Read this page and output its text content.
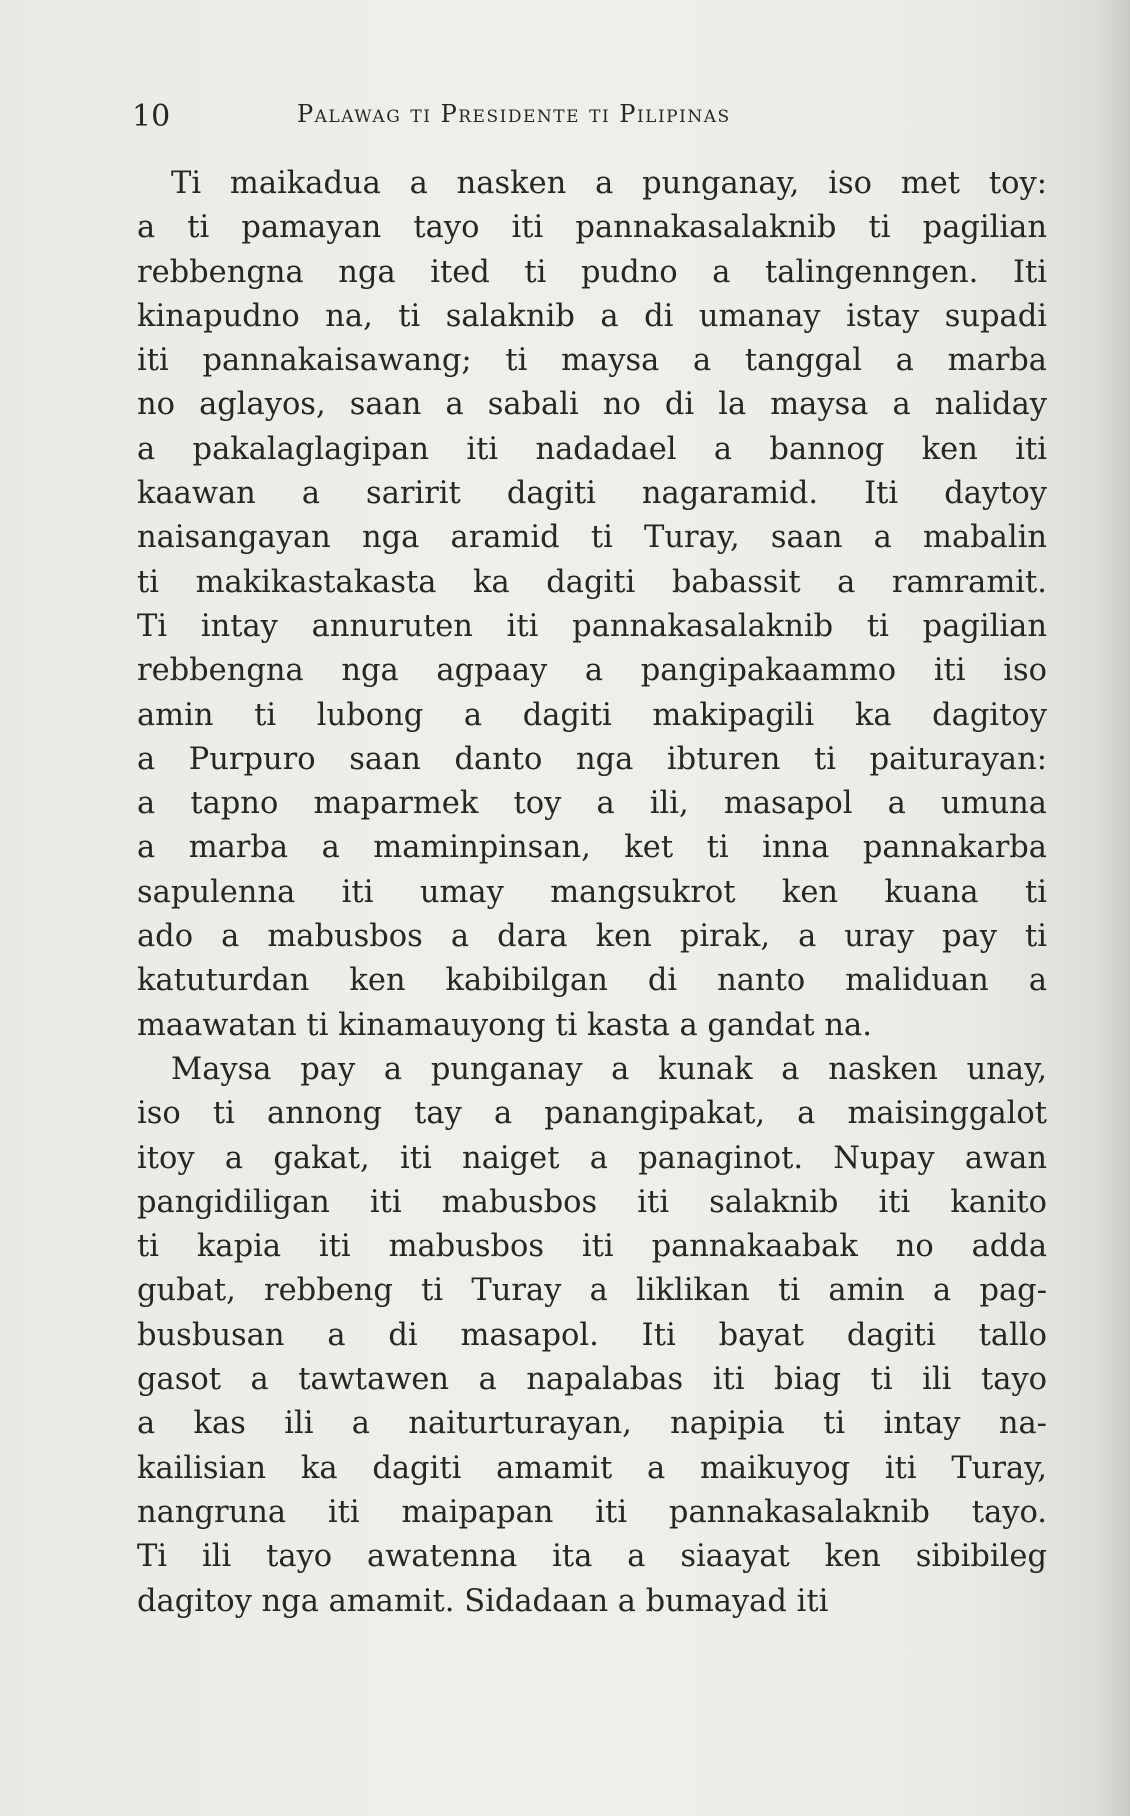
10	Palawag ti Presidente ti Pilipinas
Ti maikadua a nasken a punganay, iso met toy:
a ti pamayan tayo iti pannakasalaknib ti pagilian
rebbengna nga ited ti pudno a talingenngen. Iti
kinapudno na, ti salaknib a di umanay istay supadi
iti pannakaisawang; ti maysa a tanggal a marba
no aglayos, saan a sabali no di la maysa a naliday
a pakalaglagipan iti nadadael a bannog ken iti
kaawan a saririt dagiti nagaramid. Iti daytoy
naisangayan nga aramid ti Turay, saan a mabalin
ti makikastakasta ka dagiti babassit a ramramit.
Ti intay annuruten iti pannakasalaknib ti pagilian
rebbengna nga agpaay a pangipakaammo iti iso
amin ti lubong a dagiti makipagili ka dagitoy
a Purpuro saan danto nga ibturen ti paiturayan:
a tapno maparmek toy a ili, masapol a umuna
a marba a maminpinsan, ket ti inna pannakarba
sapulenna iti umay mangsukrot ken kuana ti
ado a mabusbos a dara ken pirak, a uray pay ti
katuturdan ken kabibilgan di nanto maliduan a
maawatan ti kinamauyong ti kasta a gandat na.
Maysa pay a punganay a kunak a nasken unay,
iso ti annong tay a panangipakat, a maisinggalot
itoy a gakat, iti naiget a panaginot. Nupay awan
pangidiligan iti mabusbos iti salaknib iti kanito
ti kapia iti mabusbos iti pannakaabak no adda
gubat, rebbeng ti Turay a liklikan ti amin a pag-
busbusan a di masapol. Iti bayat dagiti tallo
gasot a tawtawen a napalabas iti biag ti ili tayo
a kas ili a naiturturayan, napipia ti intay na-
kailisian ka dagiti amamit a maikuyog iti Turay,
nangruna iti maipapan iti pannakasalaknib tayo.
Ti ili tayo awatenna ita a siaayat ken sibibileg
dagitoy nga amamit. Sidadaan a bumayad iti
